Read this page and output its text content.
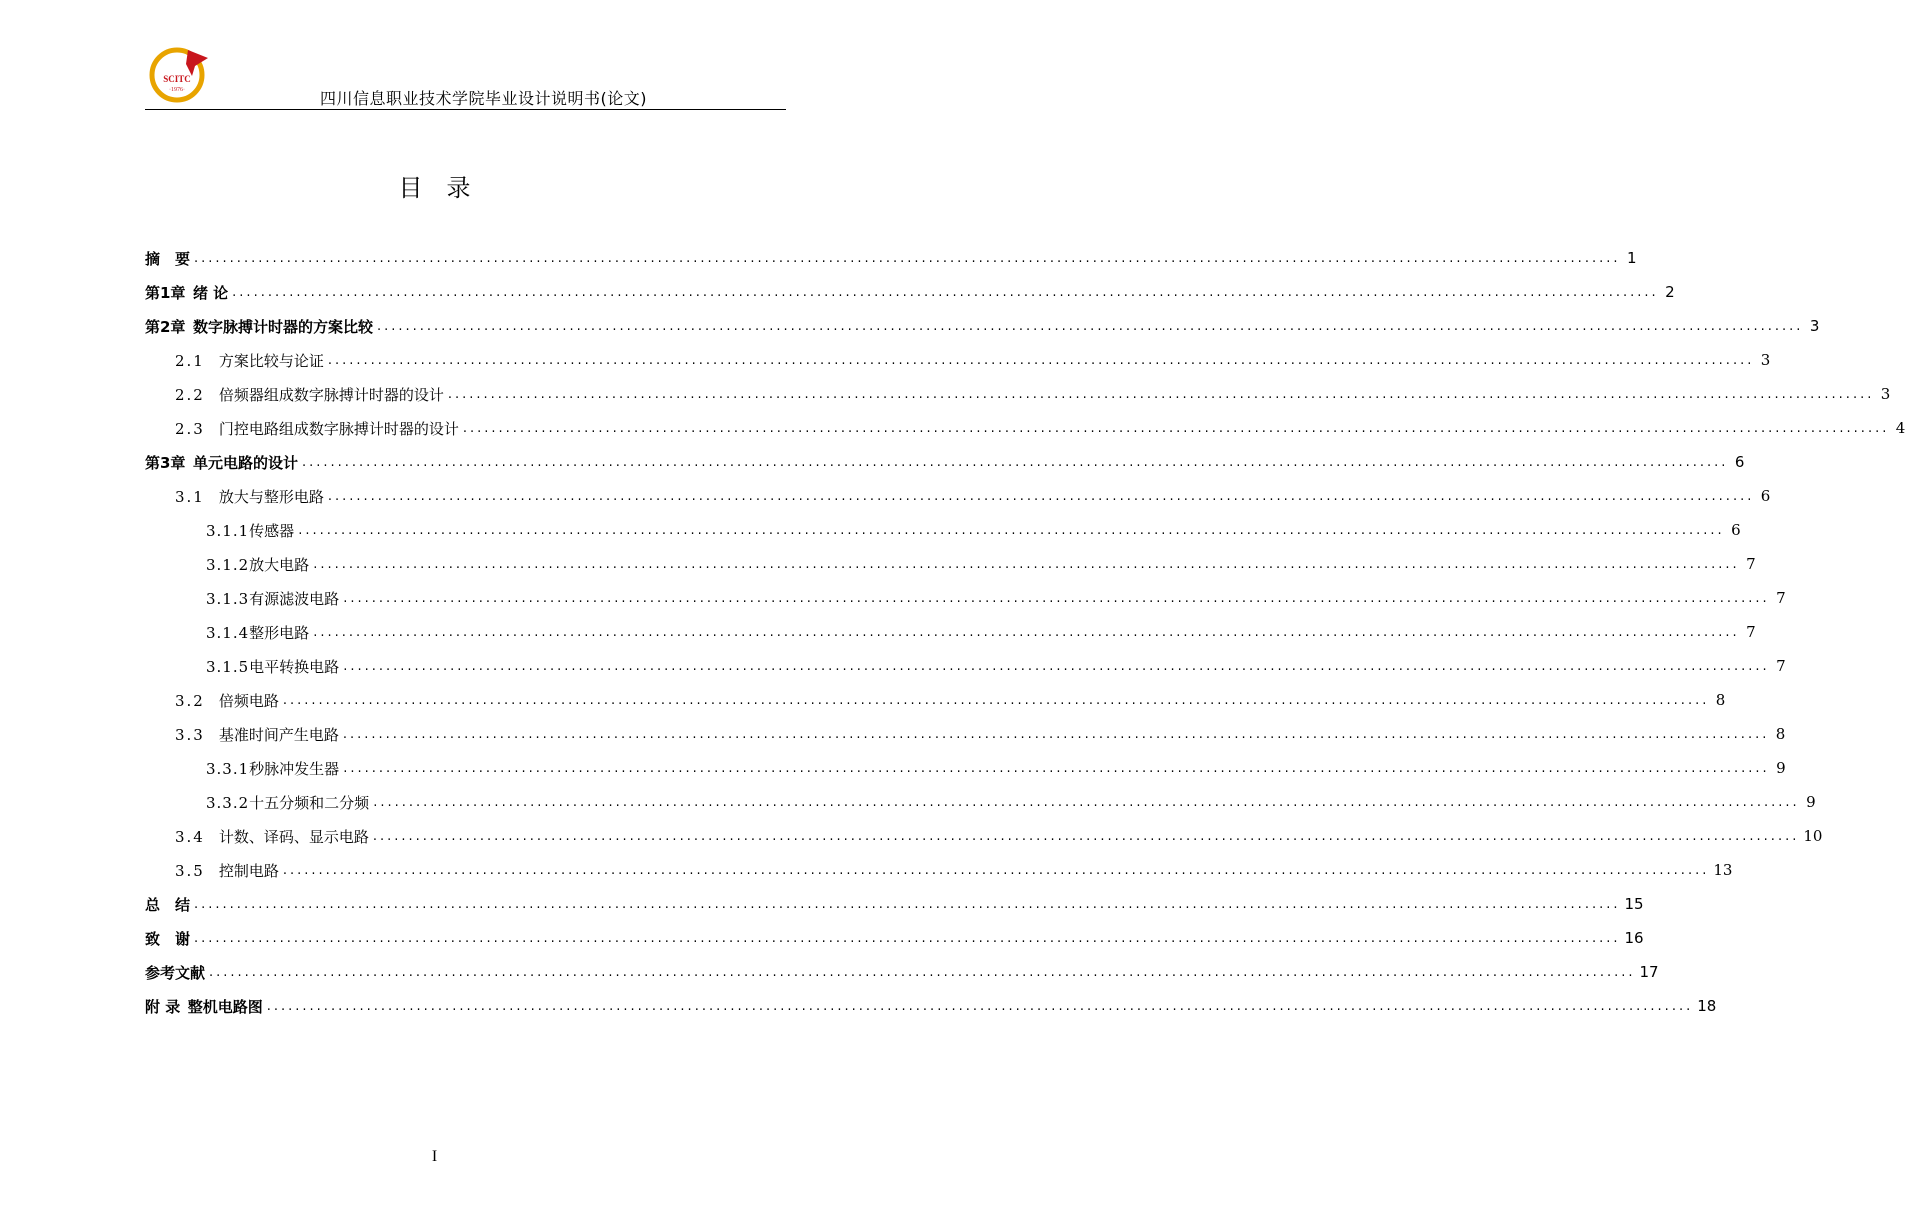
SCITC
·1976·	四川信息职业技术学院毕业设计说明书(论文)
目录
摘　要 ........................................................................................................................................................................................................ 1
第1章  绪 论 ........................................................................................................................................................................................................ 2
第2章  数字脉搏计时器的方案比较 ........................................................................................................................................................................................................ 3
2.1 方案比较与论证 ........................................................................................................................................................................................................ 3
2.2 倍频器组成数字脉搏计时器的设计 ........................................................................................................................................................................................................ 3
2.3 门控电路组成数字脉搏计时器的设计 ........................................................................................................................................................................................................ 4
第3章  单元电路的设计 ........................................................................................................................................................................................................ 6
3.1 放大与整形电路 ........................................................................................................................................................................................................ 6
3.1.1传感器 ........................................................................................................................................................................................................ 6
3.1.2放大电路 ........................................................................................................................................................................................................ 7
3.1.3有源滤波电路 ........................................................................................................................................................................................................ 7
3.1.4整形电路 ........................................................................................................................................................................................................ 7
3.1.5电平转换电路 ........................................................................................................................................................................................................ 7
3.2 倍频电路 ........................................................................................................................................................................................................ 8
3.3 基准时间产生电路 ........................................................................................................................................................................................................ 8
3.3.1秒脉冲发生器 ........................................................................................................................................................................................................ 9
3.3.2十五分频和二分频 ........................................................................................................................................................................................................ 9
3.4 计数、译码、显示电路 ........................................................................................................................................................................................................ 10
3.5 控制电路 ........................................................................................................................................................................................................ 13
总　结 ........................................................................................................................................................................................................ 15
致　谢 ........................................................................................................................................................................................................ 16
参考文献 ........................................................................................................................................................................................................ 17
附 录  整机电路图 ........................................................................................................................................................................................................ 18
I
